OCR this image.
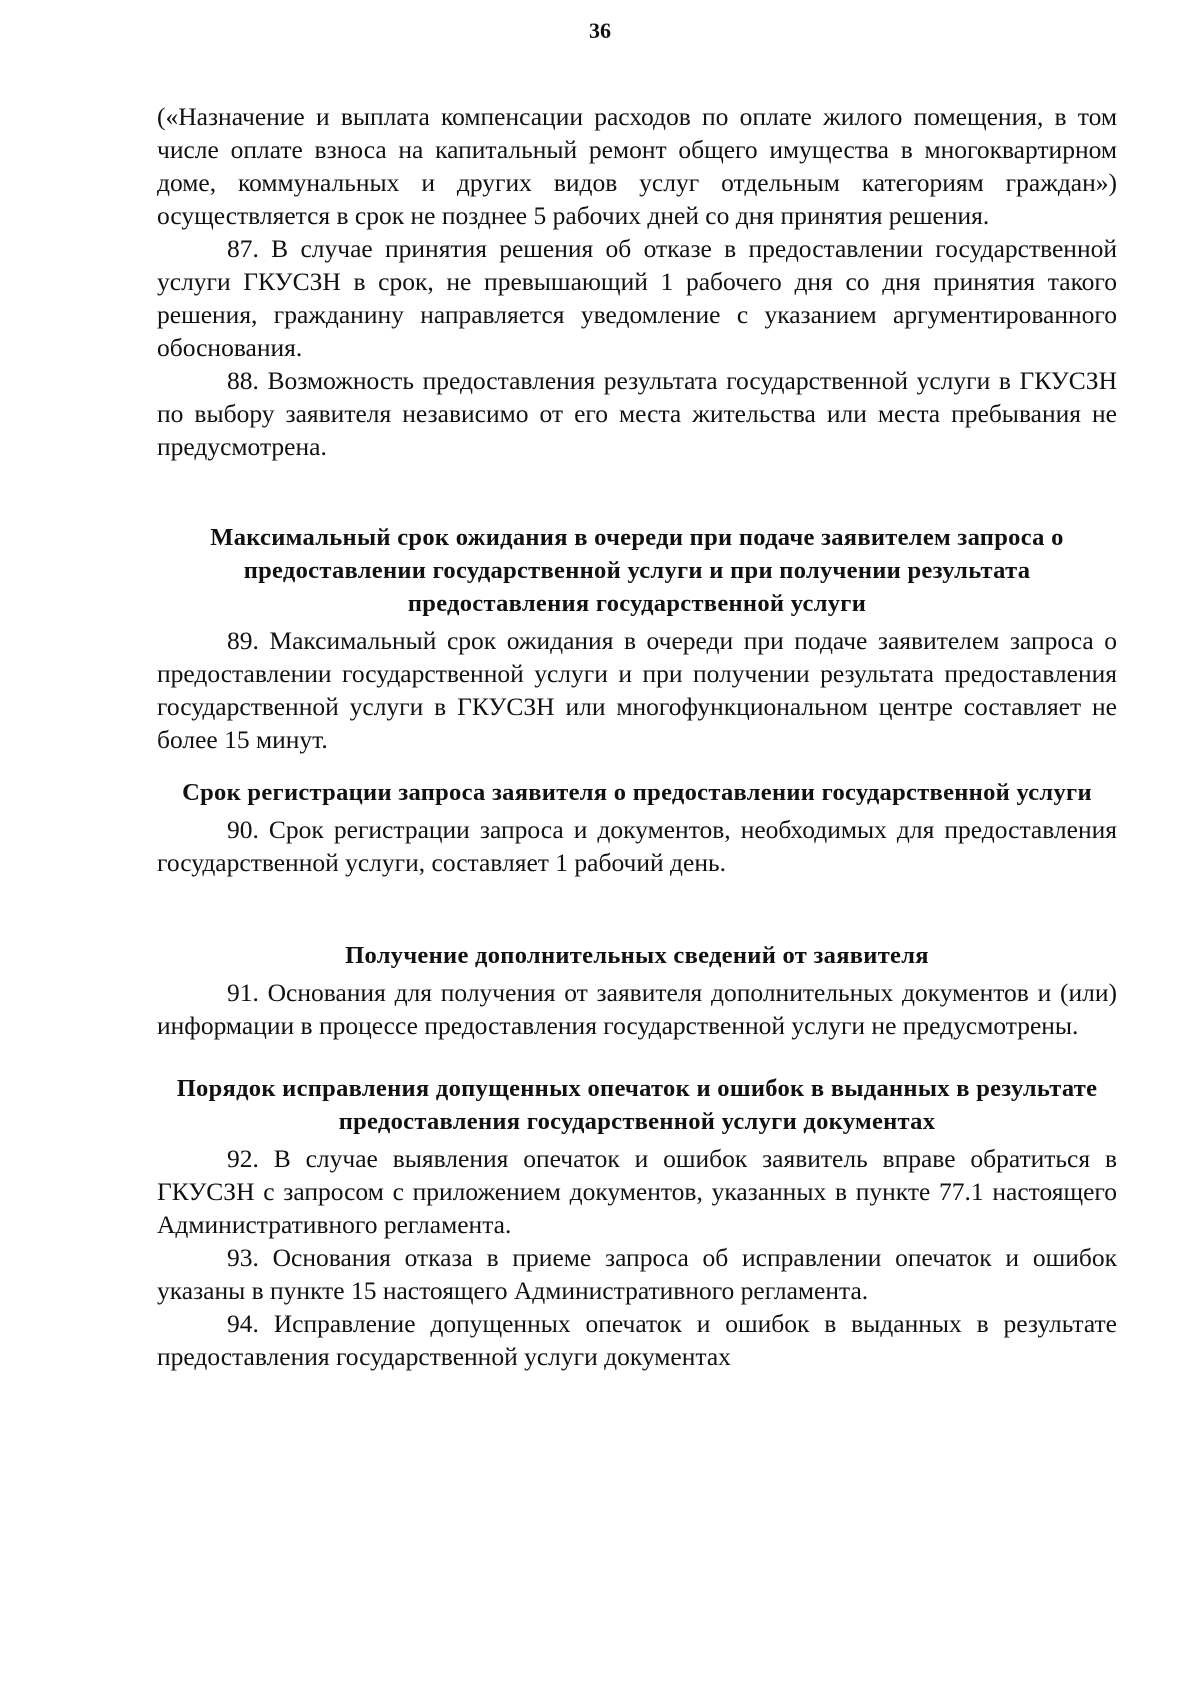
36

(«Назначение и выплата компенсации расходов по оплате жилого помещения, в том числе оплате взноса на капитальный ремонт общего имущества в многоквартирном доме, коммунальных и других видов услуг отдельным категориям граждан») осуществляется в срок не позднее 5 рабочих дней со дня принятия решения.

87. В случае принятия решения об отказе в предоставлении государственной услуги ГКУСЗН в срок, не превышающий 1 рабочего дня со дня принятия такого решения, гражданину направляется уведомление с указанием аргументированного обоснования.

88. Возможность предоставления результата государственной услуги в ГКУСЗН по выбору заявителя независимо от его места жительства или места пребывания не предусмотрена.

Максимальный срок ожидания в очереди при подаче заявителем запроса о предоставлении государственной услуги и при получении результата предоставления государственной услуги

89. Максимальный срок ожидания в очереди при подаче заявителем запроса о предоставлении государственной услуги и при получении результата предоставления государственной услуги в ГКУСЗН или многофункциональном центре составляет не более 15 минут.

Срок регистрации запроса заявителя о предоставлении государственной услуги

90. Срок регистрации запроса и документов, необходимых для предоставления государственной услуги, составляет 1 рабочий день.

Получение дополнительных сведений от заявителя

91. Основания для получения от заявителя дополнительных документов и (или) информации в процессе предоставления государственной услуги не предусмотрены.

Порядок исправления допущенных опечаток и ошибок в выданных в результате предоставления государственной услуги документах

92. В случае выявления опечаток и ошибок заявитель вправе обратиться в ГКУСЗН с запросом с приложением документов, указанных в пункте 77.1 настоящего Административного регламента.

93. Основания отказа в приеме запроса об исправлении опечаток и ошибок указаны в пункте 15 настоящего Административного регламента.

94. Исправление допущенных опечаток и ошибок в выданных в результате предоставления государственной услуги документах
